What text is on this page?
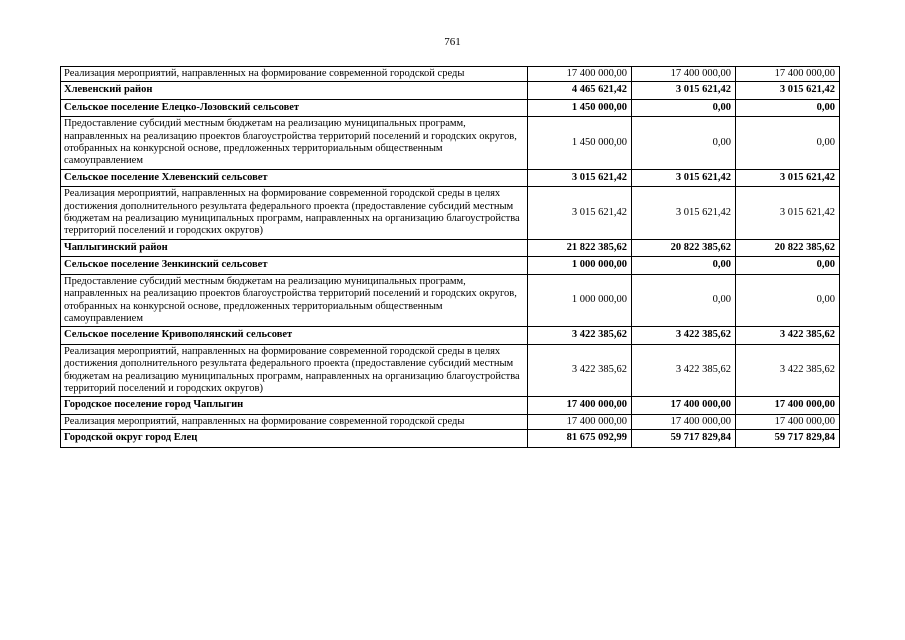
761
Реализация мероприятий, направленных на формирование современной городской среды	17 400 000,00	17 400 000,00	17 400 000,00
Хлевенский район	4 465 621,42	3 015 621,42	3 015 621,42
Сельское поселение Елецко-Лозовский сельсовет	1 450 000,00	0,00	0,00
Предоставление субсидий местным бюджетам на реализацию муниципальных программ, направленных на реализацию проектов благоустройства территорий поселений и городских округов, отобранных на конкурсной основе, предложенных территориальным общественным самоуправлением	1 450 000,00	0,00	0,00
Сельское поселение Хлевенский сельсовет	3 015 621,42	3 015 621,42	3 015 621,42
Реализация мероприятий, направленных на формирование современной городской среды в целях достижения дополнительного результата федерального проекта (предоставление субсидий местным бюджетам на реализацию муниципальных программ, направленных на организацию благоустройства территорий поселений и городских округов)	3 015 621,42	3 015 621,42	3 015 621,42
Чаплыгинский район	21 822 385,62	20 822 385,62	20 822 385,62
Сельское поселение Зенкинский сельсовет	1 000 000,00	0,00	0,00
Предоставление субсидий местным бюджетам на реализацию муниципальных программ, направленных на реализацию проектов благоустройства территорий поселений и городских округов, отобранных на конкурсной основе, предложенных территориальным общественным самоуправлением	1 000 000,00	0,00	0,00
Сельское поселение Кривополянский сельсовет	3 422 385,62	3 422 385,62	3 422 385,62
Реализация мероприятий, направленных на формирование современной городской среды в целях достижения дополнительного результата федерального проекта (предоставление субсидий местным бюджетам на реализацию муниципальных программ, направленных на организацию благоустройства территорий поселений и городских округов)	3 422 385,62	3 422 385,62	3 422 385,62
Городское поселение город Чаплыгин	17 400 000,00	17 400 000,00	17 400 000,00
Реализация мероприятий, направленных на формирование современной городской среды	17 400 000,00	17 400 000,00	17 400 000,00
Городской округ город Елец	81 675 092,99	59 717 829,84	59 717 829,84
